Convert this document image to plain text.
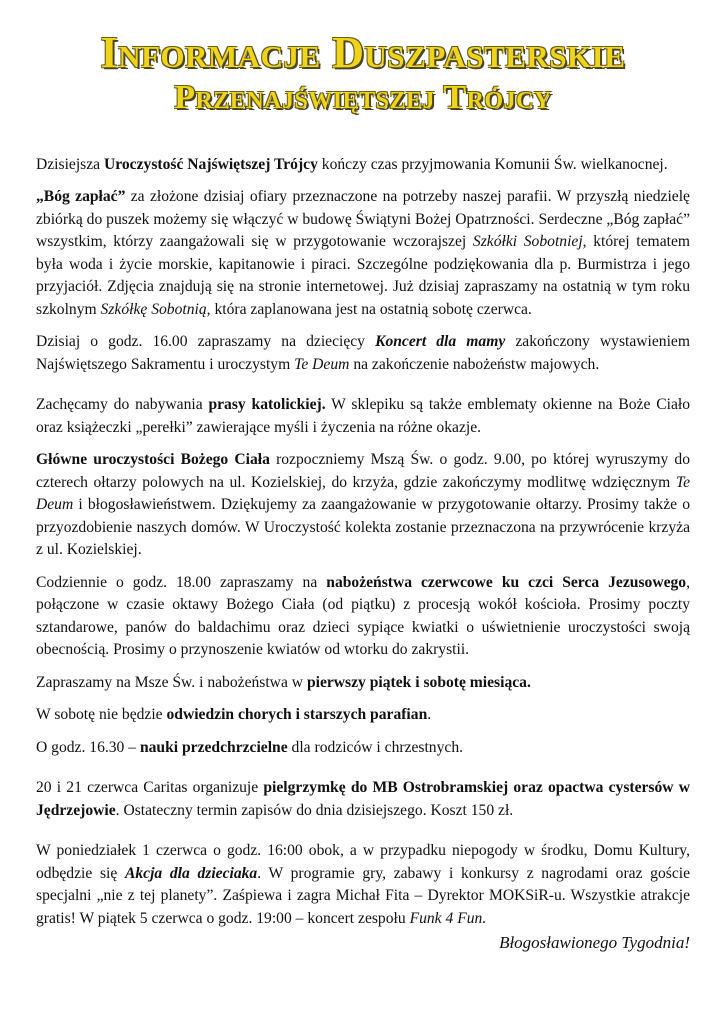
Informacje Duszpasterskie
Przenajświętszej Trójcy

Dzisiejsza Uroczystość Najświętszej Trójcy kończy czas przyjmowania Komunii Św. wielkanocnej.

„Bóg zapłać” za złożone dzisiaj ofiary przeznaczone na potrzeby naszej parafii. W przyszłą niedzielę zbiórką do puszek możemy się włączyć w budowę Świątyni Bożej Opatrzności. Serdeczne „Bóg zapłać” wszystkim, którzy zaangażowali się w przygotowanie wczorajszej Szkółki Sobotniej, której tematem była woda i życie morskie, kapitanowie i piraci. Szczególne podziękowania dla p. Burmistrza i jego przyjaciół. Zdjęcia znajdują się na stronie internetowej. Już dzisiaj zapraszamy na ostatnią w tym roku szkolnym Szkółkę Sobotnią, która zaplanowana jest na ostatnią sobotę czerwca.

Dzisiaj o godz. 16.00 zapraszamy na dziecięcy Koncert dla mamy zakończony wystawieniem Najświętszego Sakramentu i uroczystym Te Deum na zakończenie nabożeństw majowych.

Zachęcamy do nabywania prasy katolickiej. W sklepiku są także emblematy okienne na Boże Ciało oraz książeczki „perełki” zawierające myśli i życzenia na różne okazje.

Główne uroczystości Bożego Ciała rozpoczniemy Mszą Św. o godz. 9.00, po której wyruszymy do czterech ołtarzy polowych na ul. Kozielskiej, do krzyża, gdzie zakończymy modlitwę wdzięcznym Te Deum i błogosławieństwem. Dziękujemy za zaangażowanie w przygotowanie ołtarzy. Prosimy także o przyozdobienie naszych domów. W Uroczystość kolekta zostanie przeznaczona na przywrócenie krzyża z ul. Kozielskiej.

Codziennie o godz. 18.00 zapraszamy na nabożeństwa czerwcowe ku czci Serca Jezusowego, połączone w czasie oktawy Bożego Ciała (od piątku) z procesją wokół kościoła. Prosimy poczty sztandarowe, panów do baldachimu oraz dzieci sypiące kwiatki o uświetnienie uroczystości swoją obecnością. Prosimy o przynoszenie kwiatów od wtorku do zakrystii.

Zapraszamy na Msze Św. i nabożeństwa w pierwszy piątek i sobotę miesiąca.

W sobotę nie będzie odwiedzin chorych i starszych parafian.

O godz. 16.30 – nauki przedchrzcielne dla rodziców i chrzestnych.

20 i 21 czerwca Caritas organizuje pielgrzymkę do MB Ostrobramskiej oraz opactwa cystersów w Jędrzejowie. Ostateczny termin zapisów do dnia dzisiejszego. Koszt 150 zł.

W poniedziałek 1 czerwca o godz. 16:00 obok, a w przypadku niepogody w środku, Domu Kultury, odbędzie się Akcja dla dzieciaka. W programie gry, zabawy i konkursy z nagrodami oraz goście specjalni „nie z tej planety”. Zaśpiewa i zagra Michał Fita – Dyrektor MOKSiR-u. Wszystkie atrakcje gratis! W piątek 5 czerwca o godz. 19:00 – koncert zespołu Funk 4 Fun.

Błogosławionego Tygodnia!
